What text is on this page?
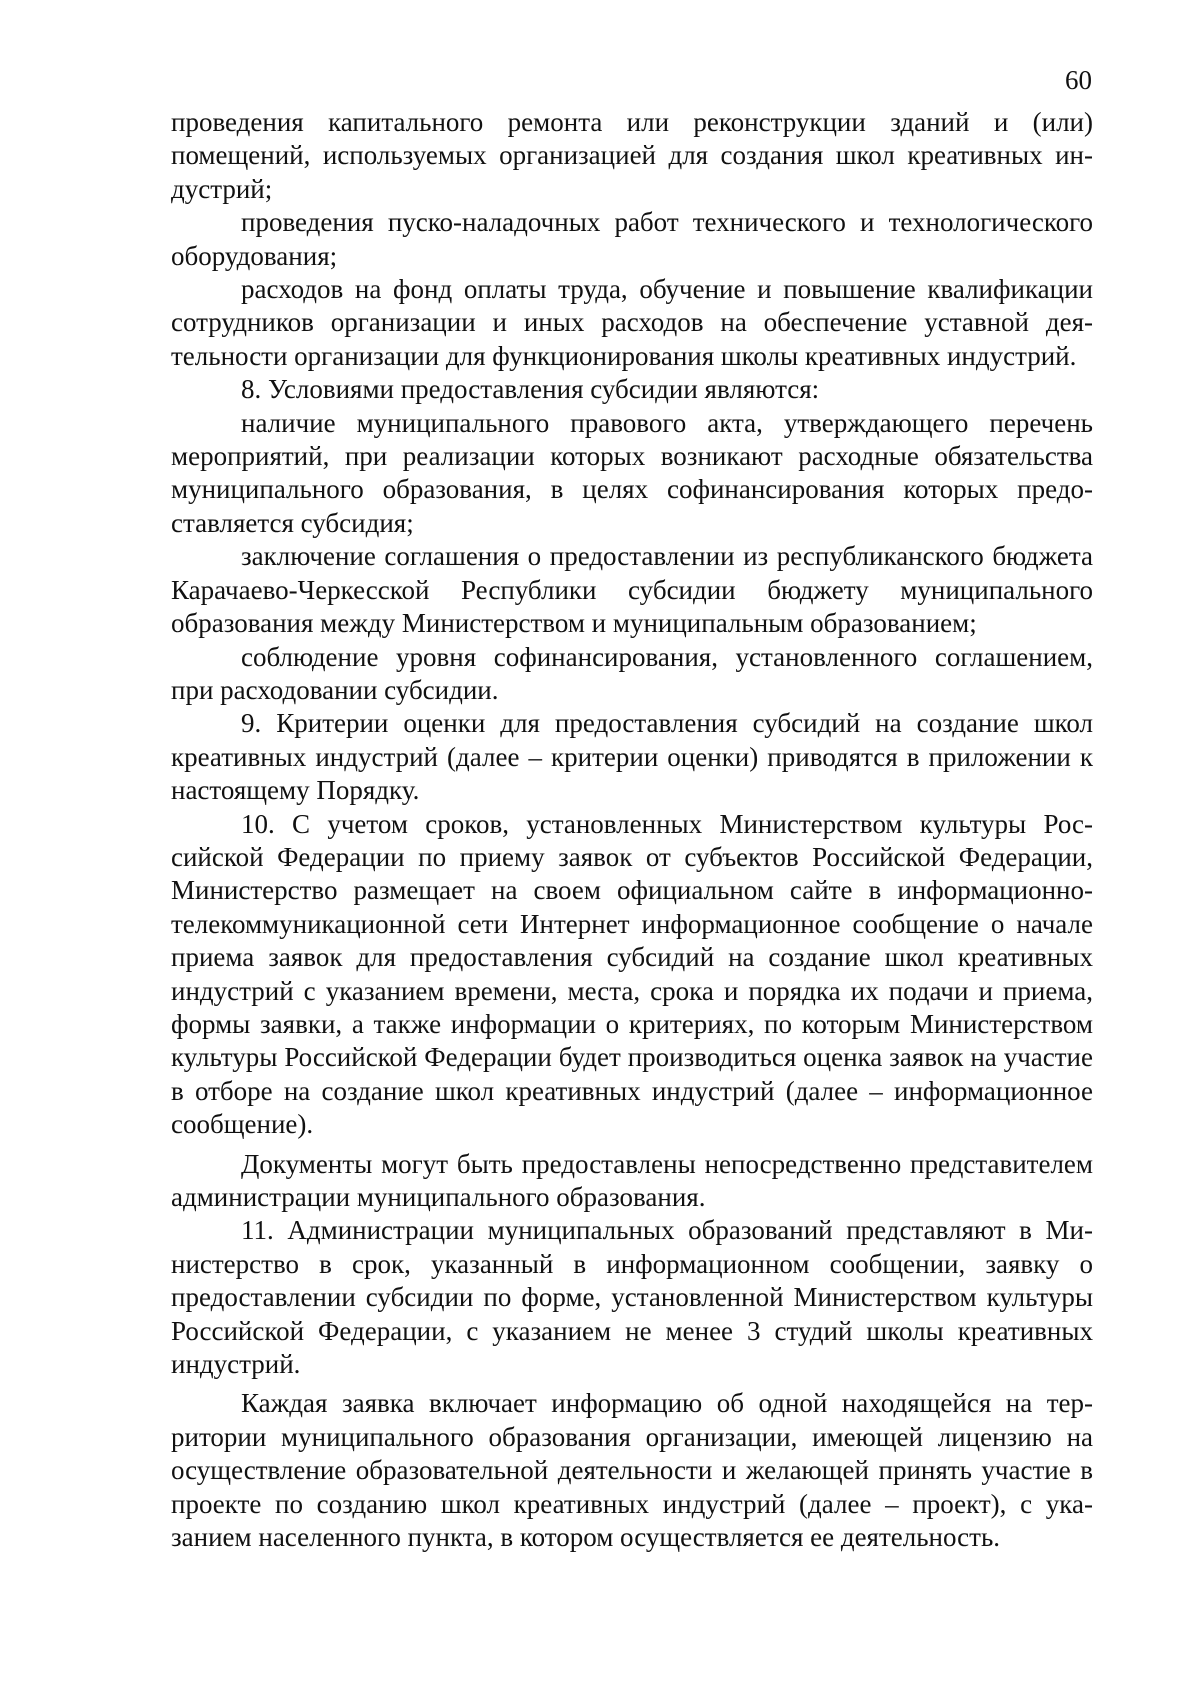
60

проведения капитального ремонта или реконструкции зданий и (или) помещений, используемых организацией для создания школ креативных индустрий;

проведения пуско-наладочных работ технического и технологического оборудования;

расходов на фонд оплаты труда, обучение и повышение квалификации сотрудников организации и иных расходов на обеспечение уставной деятельности организации для функционирования школы креативных индустрий.

8. Условиями предоставления субсидии являются:

наличие муниципального правового акта, утверждающего перечень мероприятий, при реализации которых возникают расходные обязательства муниципального образования, в целях софинансирования которых предоставляется субсидия;

заключение соглашения о предоставлении из республиканского бюджета Карачаево-Черкесской Республики субсидии бюджету муниципального образования между Министерством и муниципальным образованием;

соблюдение уровня софинансирования, установленного соглашением, при расходовании субсидии.

9. Критерии оценки для предоставления субсидий на создание школ креативных индустрий (далее – критерии оценки) приводятся в приложении к настоящему Порядку.

10. С учетом сроков, установленных Министерством культуры Российской Федерации по приему заявок от субъектов Российской Федерации, Министерство размещает на своем официальном сайте в информационно-телекоммуникационной сети Интернет информационное сообщение о начале приема заявок для предоставления субсидий на создание школ креативных индустрий с указанием времени, места, срока и порядка их подачи и приема, формы заявки, а также информации о критериях, по которым Министерством культуры Российской Федерации будет производиться оценка заявок на участие в отборе на создание школ креативных индустрий (далее – информационное сообщение).

Документы могут быть предоставлены непосредственно представителем администрации муниципального образования.

11. Администрации муниципальных образований представляют в Министерство в срок, указанный в информационном сообщении, заявку о предоставлении субсидии по форме, установленной Министерством культуры Российской Федерации, с указанием не менее 3 студий школы креативных индустрий.

Каждая заявка включает информацию об одной находящейся на территории муниципального образования организации, имеющей лицензию на осуществление образовательной деятельности и желающей принять участие в проекте по созданию школ креативных индустрий (далее – проект), с указанием населенного пункта, в котором осуществляется ее деятельность.
